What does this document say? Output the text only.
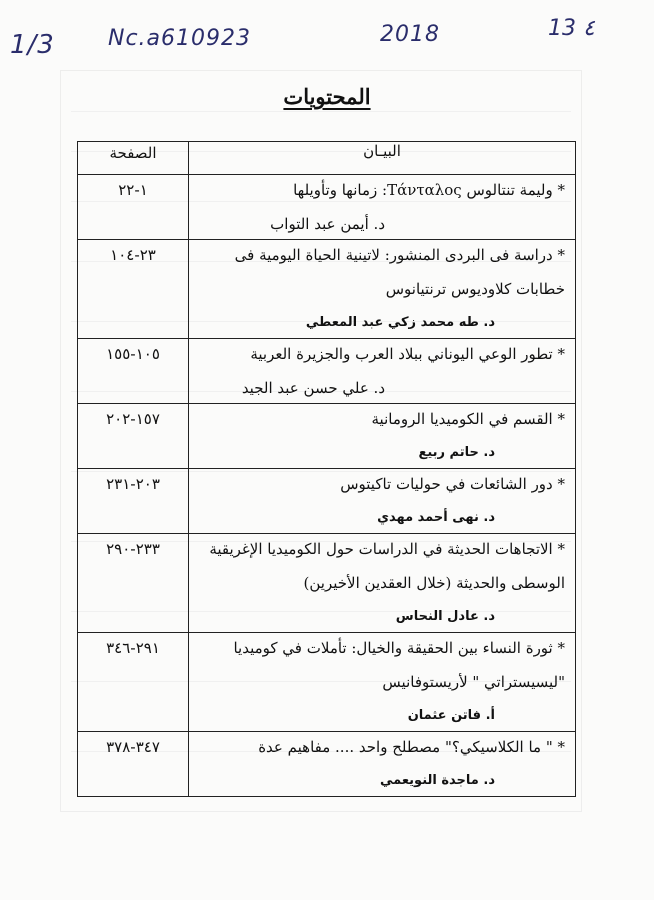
1/3 Nc.a610923	2018	13 ٤
المحتويات
البيـان	الصفحة

* وليمة تنتالوس Τάνταλος: زمانها وتأويلها
د. أيمن عبد التواب	١-٢٢

* دراسة فى البردى المنشور: لاتينية الحياة اليومية فى
خطابات كلاوديوس ترنتيانوس
د. طه محمد زكي عبد المعطي	٢٣-١٠٤

* تطور الوعي اليوناني ببلاد العرب والجزيرة العربية
د. علي حسن عبد الجيد	١٠٥-١٥٥

* القسم في الكوميديا الرومانية
د. حاتم ربيع	١٥٧-٢٠٢

* دور الشائعات في حوليات تاكيتوس
د. نهى أحمد مهدي	٢٠٣-٢٣١

* الاتجاهات الحديثة في الدراسات حول الكوميديا الإغريقية
الوسطى والحديثة (خلال العقدين الأخيرين)
د. عادل النحاس	٢٣٣-٢٩٠

* ثورة النساء بين الحقيقة والخيال: تأملات في كوميديا
"ليسيستراتي " لأريستوفانيس
أ. فاتن عثمان	٢٩١-٣٤٦

* " ما الكلاسيكي؟" مصطلح واحد .... مفاهيم عدة
د. ماجدة النويعمي	٣٤٧-٣٧٨
